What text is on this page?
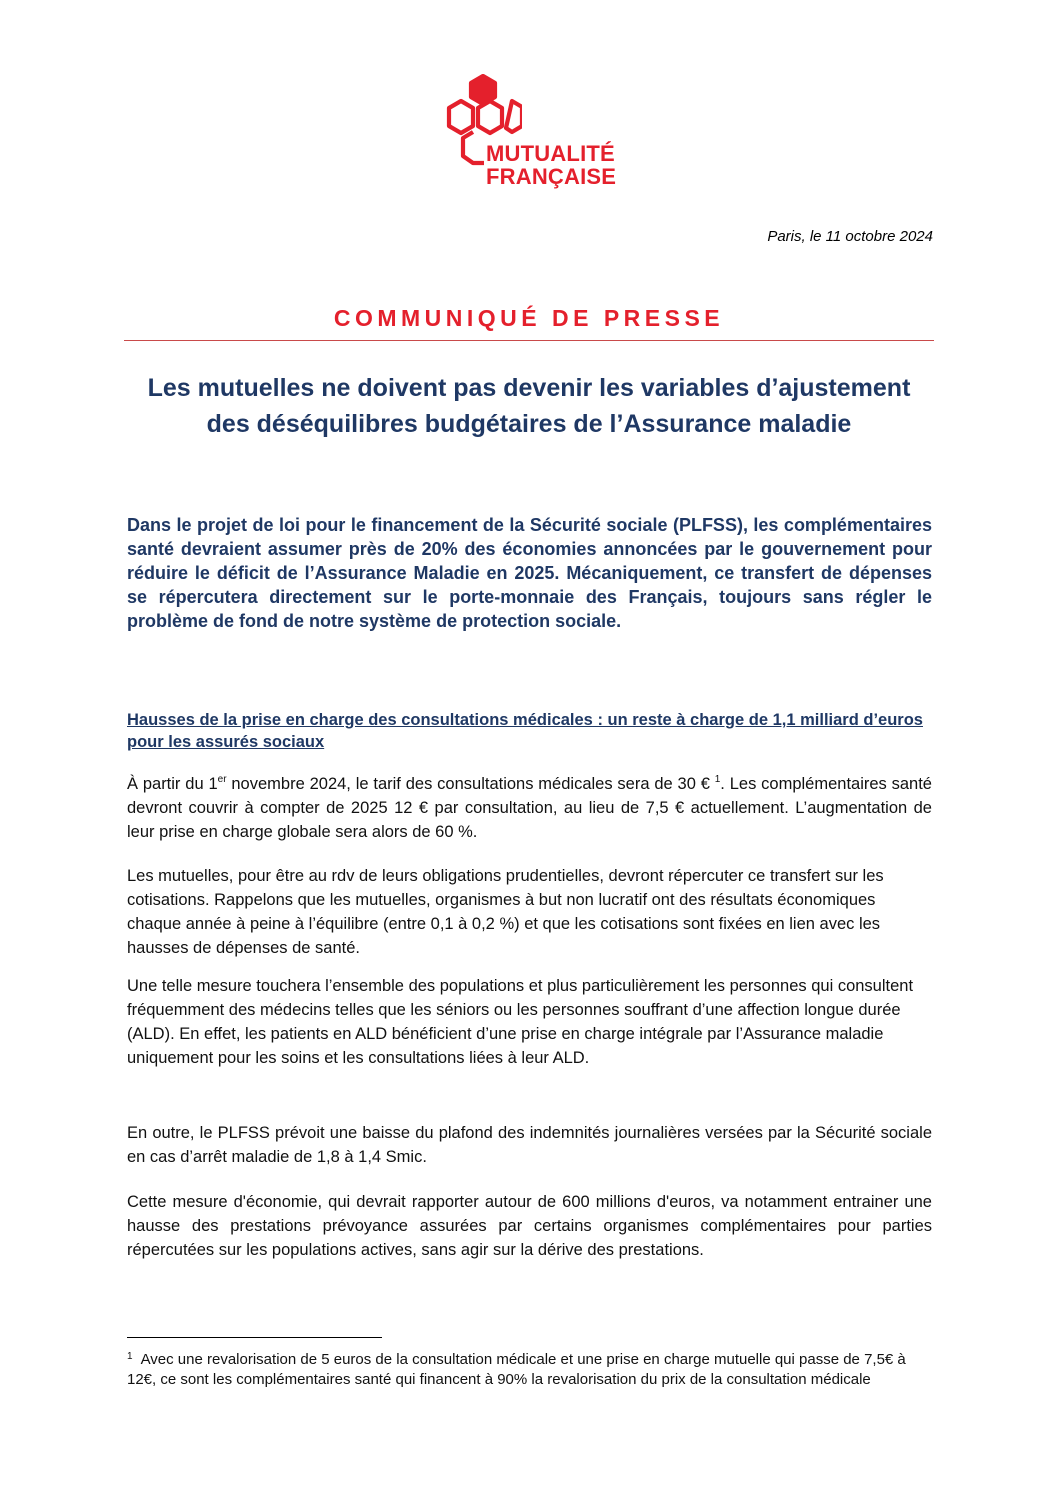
MUTUALITÉ
FRANÇAISE
Paris, le 11 octobre 2024
COMMUNIQUÉ DE PRESSE
Les mutuelles ne doivent pas devenir les variables d’ajustement des déséquilibres budgétaires de l’Assurance maladie
Dans le projet de loi pour le financement de la Sécurité sociale (PLFSS), les complémentaires santé devraient assumer près de 20% des économies annoncées par le gouvernement pour réduire le déficit de l’Assurance Maladie en 2025. Mécaniquement, ce transfert de dépenses se répercutera directement sur le porte-monnaie des Français, toujours sans régler le problème de fond de notre système de protection sociale.
Hausses de la prise en charge des consultations médicales : un reste à charge de 1,1 milliard d’euros pour les assurés sociaux
À partir du 1er novembre 2024, le tarif des consultations médicales sera de 30 € $^1$. Les complémentaires santé devront couvrir à compter de 2025 12 € par consultation, au lieu de 7,5 € actuellement. L’augmentation de leur prise en charge globale sera alors de 60 %.
Les mutuelles, pour être au rdv de leurs obligations prudentielles, devront répercuter ce transfert sur les cotisations. Rappelons que les mutuelles, organismes à but non lucratif ont des résultats économiques chaque année à peine à l’équilibre (entre 0,1 à 0,2 %) et que les cotisations sont fixées en lien avec les hausses de dépenses de santé.
Une telle mesure touchera l’ensemble des populations et plus particulièrement les personnes qui consultent fréquemment des médecins telles que les séniors ou les personnes souffrant d’une affection longue durée (ALD). En effet, les patients en ALD bénéficient d’une prise en charge intégrale par l’Assurance maladie uniquement pour les soins et les consultations liées à leur ALD.
En outre, le PLFSS prévoit une baisse du plafond des indemnités journalières versées par la Sécurité sociale en cas d’arrêt maladie de 1,8 à 1,4 Smic.
Cette mesure d'économie, qui devrait rapporter autour de 600 millions d'euros, va notamment entrainer une hausse des prestations prévoyance assurées par certains organismes complémentaires pour parties répercutées sur les populations actives, sans agir sur la dérive des prestations.
$^1$ Avec une revalorisation de 5 euros de la consultation médicale et une prise en charge mutuelle qui passe de 7,5€ à 12€, ce sont les complémentaires santé qui financent à 90% la revalorisation du prix de la consultation médicale
